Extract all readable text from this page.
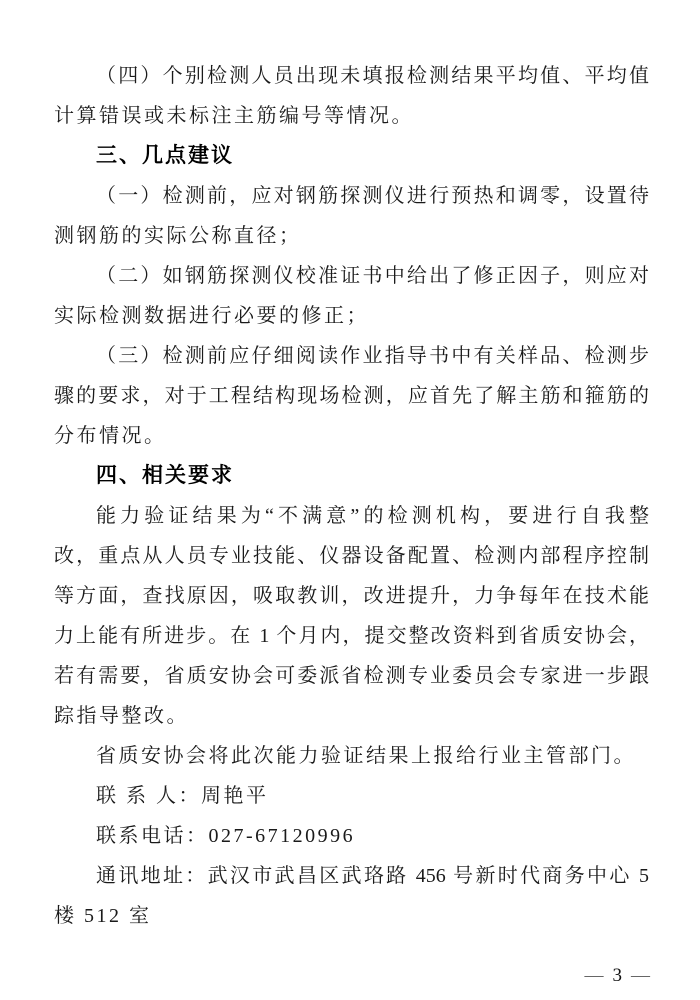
（四）个别检测人员出现未填报检测结果平均值、平均值
计算错误或未标注主筋编号等情况。
三、几点建议
（一）检测前，应对钢筋探测仪进行预热和调零，设置待
测钢筋的实际公称直径；
（二）如钢筋探测仪校准证书中给出了修正因子，则应对
实际检测数据进行必要的修正；
（三）检测前应仔细阅读作业指导书中有关样品、检测步
骤的要求，对于工程结构现场检测，应首先了解主筋和箍筋的
分布情况。
四、相关要求
能力验证结果为“不满意”的检测机构，要进行自我整
改，重点从人员专业技能、仪器设备配置、检测内部程序控制
等方面，查找原因，吸取教训，改进提升，力争每年在技术能
力上能有所进步。在 1 个月内，提交整改资料到省质安协会，
若有需要，省质安协会可委派省检测专业委员会专家进一步跟
踪指导整改。
省质安协会将此次能力验证结果上报给行业主管部门。
联 系 人：周艳平
联系电话：027-67120996
通讯地址：武汉市武昌区武珞路 456 号新时代商务中心 5
楼 512 室
— 3 —
